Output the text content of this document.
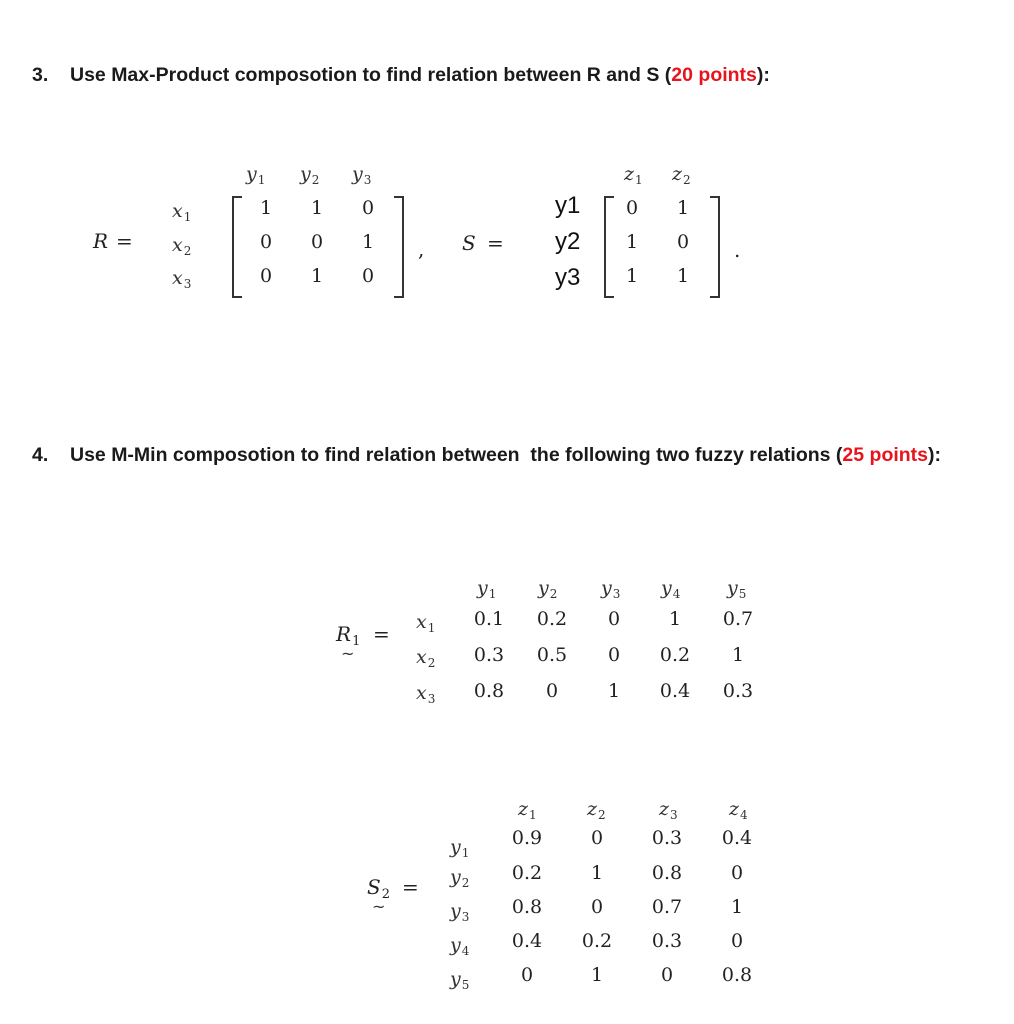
3. Use Max-Product composotion to find relation between R and S (20 points):
R =
$y_1$ $y_2$ $y_3$
$x_1$
$x_2$
$x_3$
1	1	0
0	0	1
0	1	0
, S =
$z_1$ $z_2$
y1
y2
y3
0	1
1	0
1	1
.
4. Use M-Min composotion to find relation between  the following two fuzzy relations (25 points):
$R_1$ =
~
$y_1$ $y_2$ $y_3$ $y_4$ $y_5$
$x_1$
$x_2$
$x_3$
0.1	0.2	0	1	0.7
0.3	0.5	0	0.2	1
0.8	0	1	0.4	0.3
$S_2$ =
~
$z_1$	$z_2$	$z_3$	$z_4$
$y_1$
$y_2$
$y_3$
$y_4$
$y_5$
0.9	0	0.3	0.4
0.2	1	0.8	0
0.8	0	0.7	1
0.4	0.2	0.3	0
0	1	0	0.8
